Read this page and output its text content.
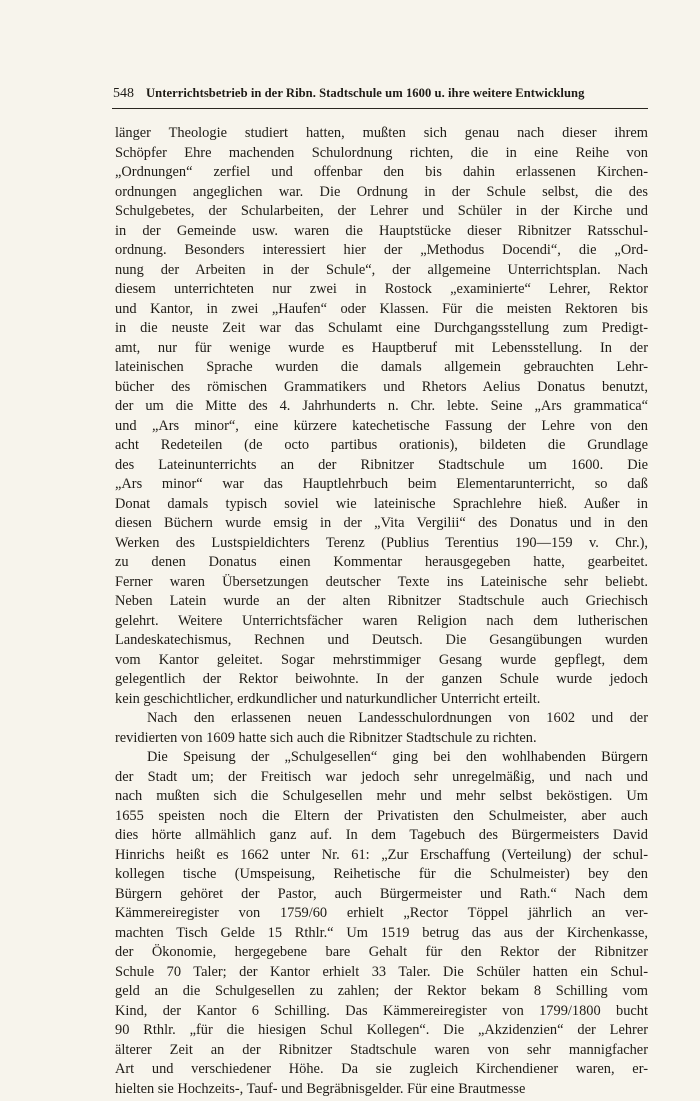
548 Unterrichtsbetrieb in der Ribn. Stadtschule um 1600 u. ihre weitere Entwicklung
länger Theologie studiert hatten, mußten sich genau nach dieser ihrem
Schöpfer Ehre machenden Schulordnung richten, die in eine Reihe von
„Ordnungen“ zerfiel und offenbar den bis dahin erlassenen Kirchen-
ordnungen angeglichen war. Die Ordnung in der Schule selbst, die des
Schulgebetes, der Schularbeiten, der Lehrer und Schüler in der Kirche und
in der Gemeinde usw. waren die Hauptstücke dieser Ribnitzer Ratsschul-
ordnung. Besonders interessiert hier der „Methodus Docendi“, die „Ord-
nung der Arbeiten in der Schule“, der allgemeine Unterrichtsplan. Nach
diesem unterrichteten nur zwei in Rostock „examinierte“ Lehrer, Rektor
und Kantor, in zwei „Haufen“ oder Klassen. Für die meisten Rektoren bis
in die neuste Zeit war das Schulamt eine Durchgangsstellung zum Predigt-
amt, nur für wenige wurde es Hauptberuf mit Lebensstellung. In der
lateinischen Sprache wurden die damals allgemein gebrauchten Lehr-
bücher des römischen Grammatikers und Rhetors Aelius Donatus benutzt,
der um die Mitte des 4. Jahrhunderts n. Chr. lebte. Seine „Ars grammatica“
und „Ars minor“, eine kürzere katechetische Fassung der Lehre von den
acht Redeteilen (de octo partibus orationis), bildeten die Grundlage
des Lateinunterrichts an der Ribnitzer Stadtschule um 1600. Die
„Ars minor“ war das Hauptlehrbuch beim Elementarunterricht, so daß
Donat damals typisch soviel wie lateinische Sprachlehre hieß. Außer in
diesen Büchern wurde emsig in der „Vita Vergilii“ des Donatus und in den
Werken des Lustspieldichters Terenz (Publius Terentius 190—159 v. Chr.),
zu denen Donatus einen Kommentar herausgegeben hatte, gearbeitet.
Ferner waren Übersetzungen deutscher Texte ins Lateinische sehr beliebt.
Neben Latein wurde an der alten Ribnitzer Stadtschule auch Griechisch
gelehrt. Weitere Unterrichtsfächer waren Religion nach dem lutherischen
Landeskatechismus, Rechnen und Deutsch. Die Gesangübungen wurden
vom Kantor geleitet. Sogar mehrstimmiger Gesang wurde gepflegt, dem
gelegentlich der Rektor beiwohnte. In der ganzen Schule wurde jedoch
kein geschichtlicher, erdkundlicher und naturkundlicher Unterricht erteilt.
Nach den erlassenen neuen Landesschulordnungen von 1602 und der
revidierten von 1609 hatte sich auch die Ribnitzer Stadtschule zu richten.
Die Speisung der „Schulgesellen“ ging bei den wohlhabenden Bürgern
der Stadt um; der Freitisch war jedoch sehr unregelmäßig, und nach und
nach mußten sich die Schulgesellen mehr und mehr selbst beköstigen. Um
1655 speisten noch die Eltern der Privatisten den Schulmeister, aber auch
dies hörte allmählich ganz auf. In dem Tagebuch des Bürgermeisters David
Hinrichs heißt es 1662 unter Nr. 61: „Zur Erschaffung (Verteilung) der schul-
kollegen tische (Umspeisung, Reihetische für die Schulmeister) bey den
Bürgern gehöret der Pastor, auch Bürgermeister und Rath.“ Nach dem
Kämmereiregister von 1759/60 erhielt „Rector Töppel jährlich an ver-
machten Tisch Gelde 15 Rthlr.“ Um 1519 betrug das aus der Kirchenkasse,
der Ökonomie, hergegebene bare Gehalt für den Rektor der Ribnitzer
Schule 70 Taler; der Kantor erhielt 33 Taler. Die Schüler hatten ein Schul-
geld an die Schulgesellen zu zahlen; der Rektor bekam 8 Schilling vom
Kind, der Kantor 6 Schilling. Das Kämmereiregister von 1799/1800 bucht
90 Rthlr. „für die hiesigen Schul Kollegen“. Die „Akzidenzien“ der Lehrer
älterer Zeit an der Ribnitzer Stadtschule waren von sehr mannigfacher
Art und verschiedener Höhe. Da sie zugleich Kirchendiener waren, er-
hielten sie Hochzeits-, Tauf- und Begräbnisgelder. Für eine Brautmesse
